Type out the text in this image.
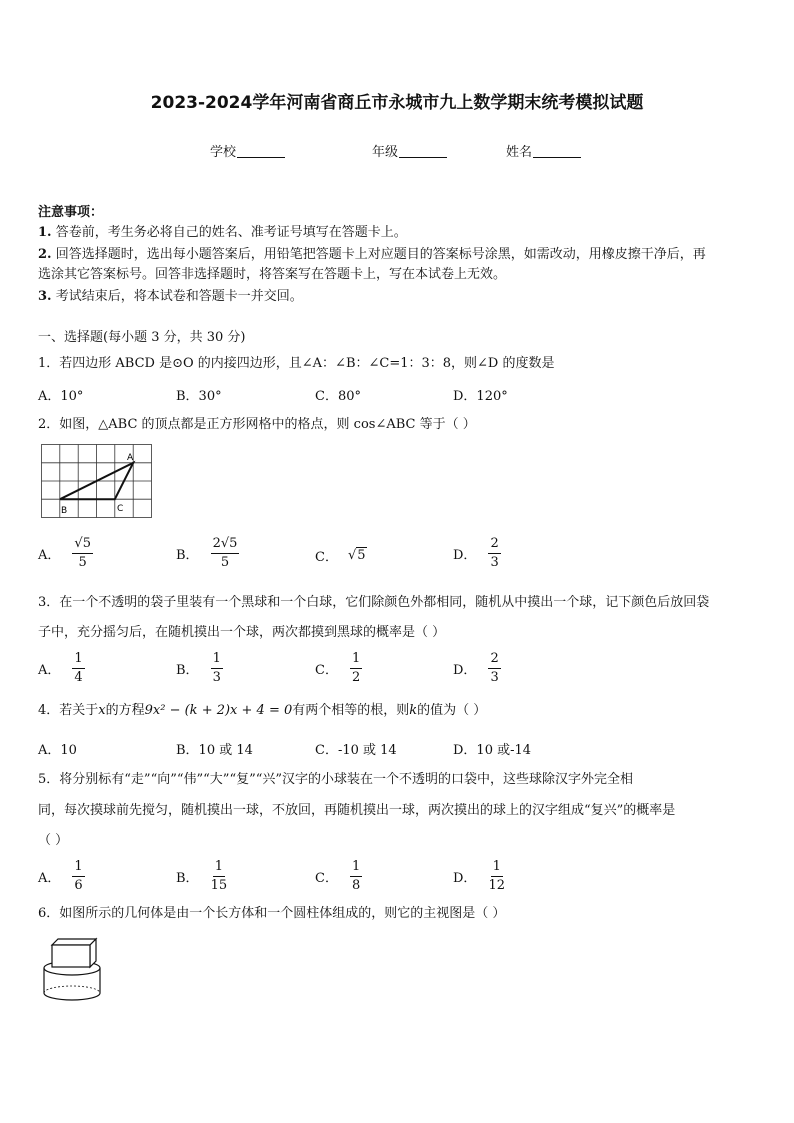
2023-2024学年河南省商丘市永城市九上数学期末统考模拟试题
学校	年级	姓名
注意事项：
1. 答卷前，考生务必将自己的姓名、准考证号填写在答题卡上。
2. 回答选择题时，选出每小题答案后，用铅笔把答题卡上对应题目的答案标号涂黑，如需改动，用橡皮擦干净后，再
选涂其它答案标号。回答非选择题时，将答案写在答题卡上，写在本试卷上无效。
3. 考试结束后，将本试卷和答题卡一并交回。
一、选择题(每小题 3 分，共 30 分)
1．若四边形 ABCD 是⊙O 的内接四边形，且∠A：∠B：∠C=1：3：8，则∠D 的度数是
A．10°	B．30°	C．80°	D．120°
2．如图，△ABC 的顶点都是正方形网格中的格点，则 cos∠ABC 等于（ ）
A
B	C
A． $\frac{√5}{5}$	B． $\frac{2√5}{5}$	C． √5	D． $\frac{2}{3}$
3．在一个不透明的袋子里装有一个黑球和一个白球，它们除颜色外都相同，随机从中摸出一个球，记下颜色后放回袋
子中，充分摇匀后，在随机摸出一个球，两次都摸到黑球的概率是（ ）
A． $\frac{1}{4}$	B． $\frac{1}{3}$	C． $\frac{1}{2}$	D． $\frac{2}{3}$
4．若关于x的方程9x² − (k + 2)x + 4 = 0有两个相等的根，则k的值为（ ）
A．10	B．10 或 14	C．-10 或 14	D．10 或-14
5．将分别标有“走”“向”“伟”“大”“复”“兴”汉字的小球装在一个不透明的口袋中，这些球除汉字外完全相
同，每次摸球前先搅匀，随机摸出一球，不放回，再随机摸出一球，两次摸出的球上的汉字组成“复兴”的概率是
（ ）
A． $\frac{1}{6}$	B． $\frac{1}{15}$	C． $\frac{1}{8}$	D． $\frac{1}{12}$
6．如图所示的几何体是由一个长方体和一个圆柱体组成的，则它的主视图是（ ）
